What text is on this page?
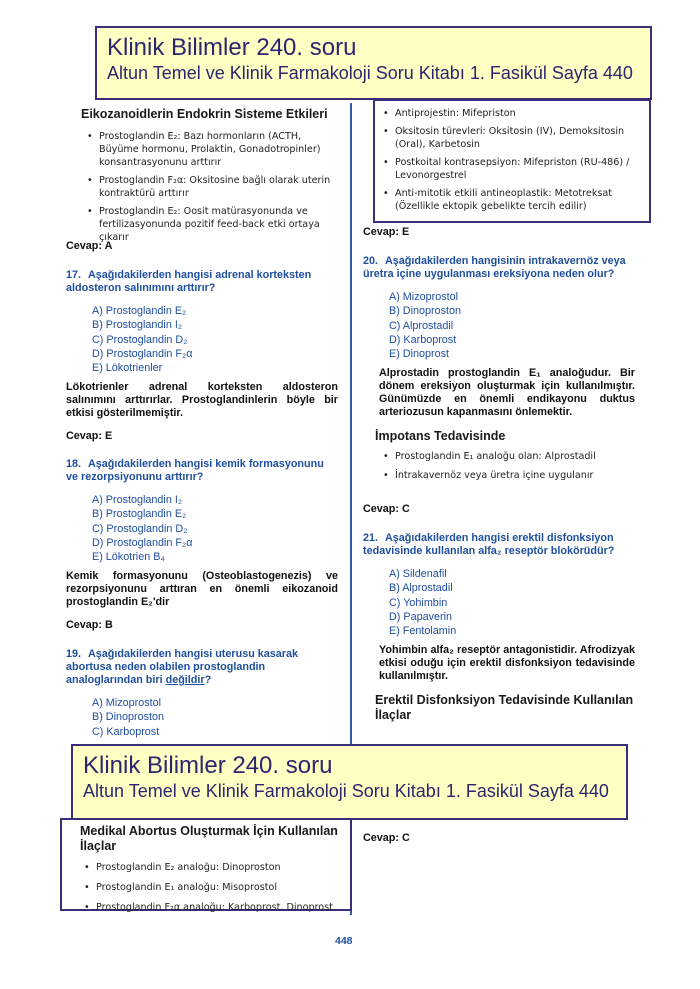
Eikozanoidlerin Endokrin Sisteme Etkileri
• Prostoglandin E₂: Bazı hormonların (ACTH, Büyüme hormonu, Prolaktin, Gonadotropinler) konsantrasyonunu arttırır
• Prostoglandin F₂α: Oksitosine bağlı olarak uterin kontraktürü arttırır
• Prostoglandin E₂: Oosit matürasyonunda ve fertilizasyonunda pozitif feed-back etki ortaya çıkarır
Cevap: A
17. Aşağıdakilerden hangisi adrenal korteksten aldosteron salınımını arttırır?
A) Prostoglandin E₂
B) Prostoglandin I₂
C) Prostoglandin D₂
D) Prostoglandin F₂α
E) Lökotrienler
Lökotrienler adrenal korteksten aldosteron salınımını arttırırlar. Prostoglandinlerin böyle bir etkisi gösterilmemiştir.
Cevap: E
18. Aşağıdakilerden hangisi kemik formasyonunu ve rezorpsiyonunu arttırır?
A) Prostoglandin I₂
B) Prostoglandin E₂
C) Prostoglandin D₂
D) Prostoglandin F₂α
E) Lökotrien B₄
Kemik formasyonunu (Osteoblastogenezis) ve rezorpsiyonunu arttıran en önemli eikozanoid prostoglandin E₂'dir
Cevap: B
19. Aşağıdakilerden hangisi uterusu kasarak abortusa neden olabilen prostoglandin analoglarından biri değildir?
A) Mizoprostol
B) Dinoproston
C) Karboprost
• Antiprojestin: Mifepriston
• Oksitosin türevleri: Oksitosin (IV), Demoksitosin (Oral), Karbetosin
• Postkoital kontrasepsiyon: Mifepriston (RU-486) / Levonorgestrel
• Anti-mitotik etkili antineoplastik: Metotreksat (Özellikle ektopik gebelikte tercih edilir)
Cevap: E
20. Aşağıdakilerden hangisinin intrakavernöz veya üretra içine uygulanması ereksiyona neden olur?
A) Mizoprostol
B) Dinoproston
C) Alprostadil
D) Karboprost
E) Dinoprost
Alprostadin prostoglandin E₁ analoğudur. Bir dönem ereksiyon oluşturmak için kullanılmıştır. Günümüzde en önemli endikayonu duktus arteriozusun kapanmasını önlemektir.
İmpotans Tedavisinde
• Prostoglandin E₁ analoğu olan: Alprostadil
• İntrakavernöz veya üretra içine uygulanır
Cevap: C
21. Aşağıdakilerden hangisi erektil disfonksiyon tedavisinde kullanılan alfa₂ reseptör blokörüdür?
A) Sildenafil
B) Alprostadil
C) Yohimbin
D) Papaverin
E) Fentolamin
Yohimbin alfa₂ reseptör antagonistidir. Afrodizyak etkisi oduğu için erektil disfonksiyon tedavisinde kullanılmıştır.
Erektil Disfonksiyon Tedavisinde Kullanılan İlaçlar
Cevap: C
Medikal Abortus Oluşturmak İçin Kullanılan İlaçlar
• Prostoglandin E₂ analoğu: Dinoproston
• Prostoglandin E₁ analoğu: Misoprostol
• Prostoglandin F₂α analoğu: Karboprost, Dinoprost
Klinik Bilimler 240. soru
Altun Temel ve Klinik Farmakoloji Soru Kitabı 1. Fasikül Sayfa 440
Klinik Bilimler 240. soru
Altun Temel ve Klinik Farmakoloji Soru Kitabı 1. Fasikül Sayfa 440
448
